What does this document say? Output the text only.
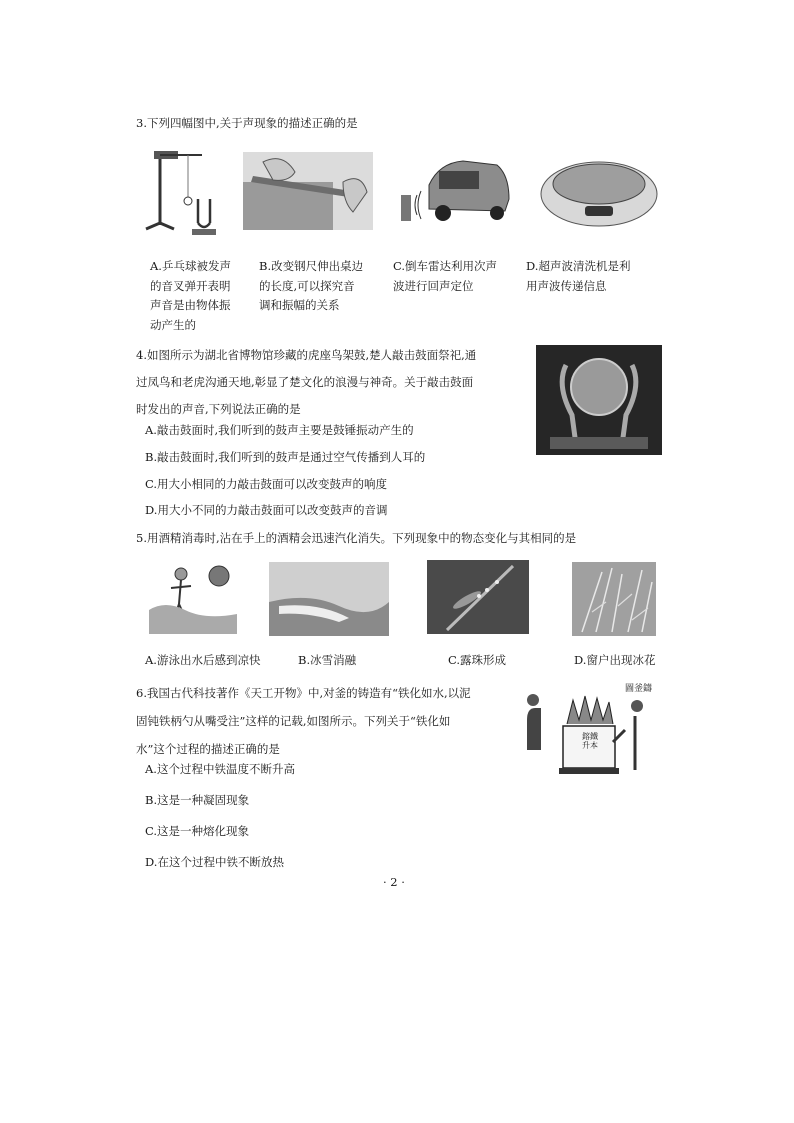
3.下列四幅图中,关于声现象的描述正确的是
A.乒乓球被发声
的音叉弹开表明
声音是由物体振
动产生的
B.改变钢尺伸出桌边
的长度,可以探究音
调和振幅的关系
C.倒车雷达利用次声
波进行回声定位
D.超声波清洗机是利
用声波传递信息
4.如图所示为湖北省博物馆珍藏的虎座鸟架鼓,楚人敲击鼓面祭祀,通
过凤鸟和老虎沟通天地,彰显了楚文化的浪漫与神奇。关于敲击鼓面
时发出的声音,下列说法正确的是
A.敲击鼓面时,我们听到的鼓声主要是鼓锤振动产生的
B.敲击鼓面时,我们听到的鼓声是通过空气传播到人耳的
C.用大小相同的力敲击鼓面可以改变鼓声的响度
D.用大小不同的力敲击鼓面可以改变鼓声的音调
5.用酒精消毒时,沾在手上的酒精会迅速汽化消失。下列现象中的物态变化与其相同的是
A.游泳出水后感到凉快	B.冰雪消融	C.露珠形成	D.窗户出现冰花
6.我国古代科技著作《天工开物》中,对釜的铸造有“铁化如水,以泥
固钝铁柄勺从嘴受注”这样的记载,如图所示。下列关于“铁化如
水”这个过程的描述正确的是
圖釜鑄
鎔鐵
升本
A.这个过程中铁温度不断升高
B.这是一种凝固现象
C.这是一种熔化现象
D.在这个过程中铁不断放热
· 2 ·
